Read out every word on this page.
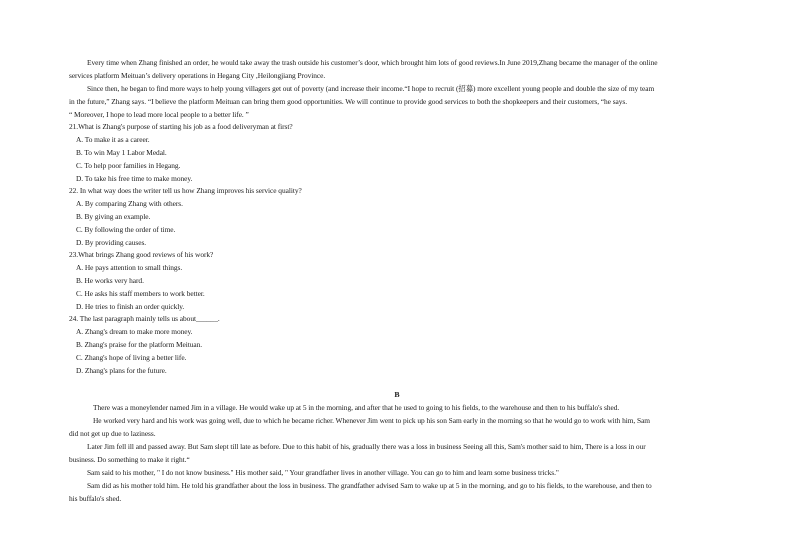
Every time when Zhang finished an order, he would take away the trash outside his customer’s door, which brought him lots of good reviews.In June 2019,Zhang became the manager of the online
services platform Meituan’s delivery operations in Hegang City ,Heilongjiang Province.
Since then, he began to find more ways to help young villagers get out of poverty (and increase their income.“I hope to recruit (招募) more excellent young people and double the size of my team
in the future,” Zhang says. “I believe the platform Meituan can bring them good opportunities. We will continue to provide good services to both the shopkeepers and their customers, “he says.
“ Moreover, I hope to lead more local people to a better life. ”
21.What is Zhang's purpose of starting his job as a food deliveryman at first?
A. To make it as a career.
B. To win May 1 Labor Medal.
C. To help poor families in Hegang.
D. To take his free time to make money.
22. In what way does the writer tell us how Zhang improves his service quality?
A. By comparing Zhang with others.
B. By giving an example.
C. By following the order of time.
D. By providing causes.
23.What brings Zhang good reviews of his work?
A. He pays attention to small things.
B. He works very hard.
C. He asks his staff members to work better.
D. He tries to finish an order quickly.
24. The last paragraph mainly tells us about______.
A. Zhang's dream to make more money.
B. Zhang's praise for the platform Meituan.
C. Zhang's hope of living a better life.
D. Zhang's plans for the future.
B
There was a moneylender named Jim in a village. He would wake up at 5 in the morning, and after that he used to going to his fields, to the warehouse and then to his buffalo's shed.
He worked very hard and his work was going well, due to which he became richer. Whenever Jim went to pick up his son Sam early in the morning so that he would go to work with him, Sam
did not get up due to laziness.
Later Jim fell ill and passed away. But Sam slept till late as before. Due to this habit of his, gradually there was a loss in business Seeing all this, Sam's mother said to him, There is a loss in our
business. Do something to make it right.“
Sam said to his mother, " I do not know business." His mother said, " Your grandfather lives in another village. You can go to him and learn some business tricks."
Sam did as his mother told him. He told his grandfather about the loss in business. The grandfather advised Sam to wake up at 5 in the morning, and go to his fields, to the warehouse, and then to
his buffalo's shed.
